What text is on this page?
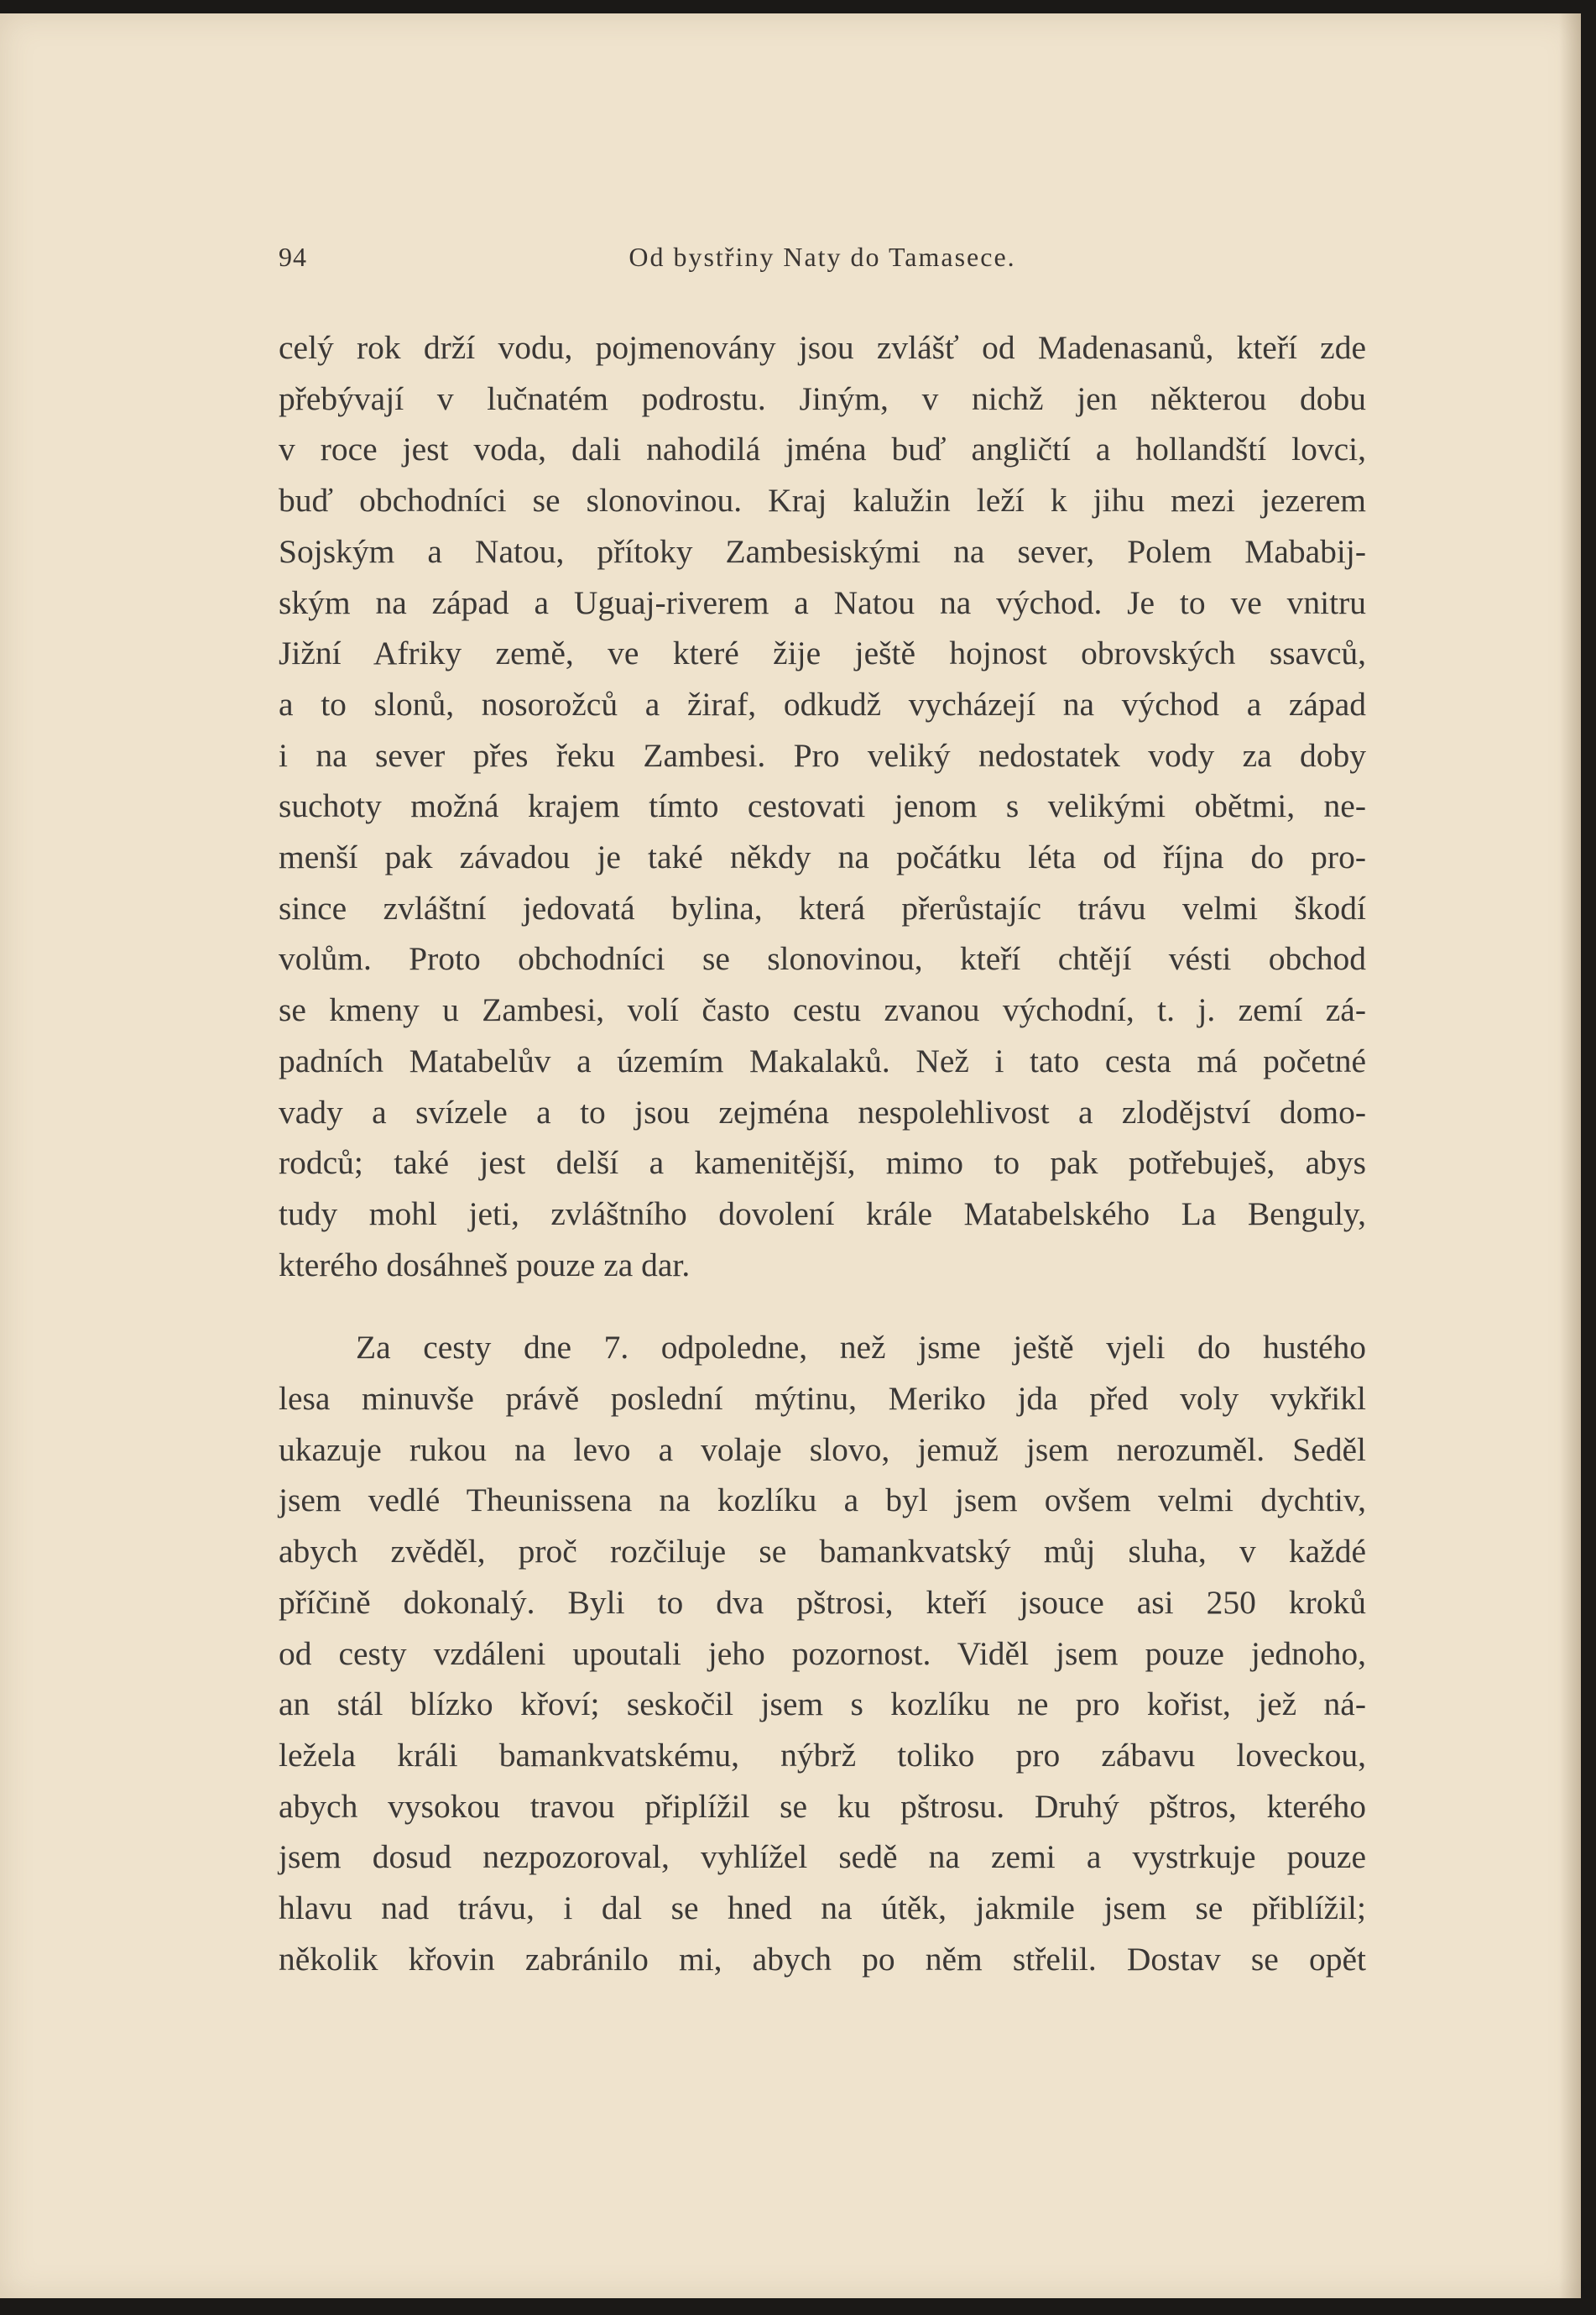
94	Od bystřiny Naty do Tamasece.
celý rok drží vodu, pojmenovány jsou zvlášť od Madenasanů, kteří zde
přebývají v lučnatém podrostu. Jiným, v nichž jen některou dobu
v roce jest voda, dali nahodilá jména buď angličtí a hollandští lovci,
buď obchodníci se slonovinou. Kraj kalužin leží k jihu mezi jezerem
Sojským a Natou, přítoky Zambesiskými na sever, Polem Mababij-
ským na západ a Uguaj-riverem a Natou na východ. Je to ve vnitru
Jižní Afriky země, ve které žije ještě hojnost obrovských ssavců,
a to slonů, nosorožců a žiraf, odkudž vycházejí na východ a západ
i na sever přes řeku Zambesi. Pro veliký nedostatek vody za doby
suchoty možná krajem tímto cestovati jenom s velikými obětmi, ne-
menší pak závadou je také někdy na počátku léta od října do pro-
since zvláštní jedovatá bylina, která přerůstajíc trávu velmi škodí
volům. Proto obchodníci se slonovinou, kteří chtějí vésti obchod
se kmeny u Zambesi, volí často cestu zvanou východní, t. j. zemí zá-
padních Matabelův a územím Makalaků. Než i tato cesta má početné
vady a svízele a to jsou zejména nespolehlivost a zlodějství domo-
rodců; také jest delší a kamenitější, mimo to pak potřebuješ, abys
tudy mohl jeti, zvláštního dovolení krále Matabelského La Benguly,
kterého dosáhneš pouze za dar.
Za cesty dne 7. odpoledne, než jsme ještě vjeli do hustého
lesa minuvše právě poslední mýtinu, Meriko jda před voly vykřikl
ukazuje rukou na levo a volaje slovo, jemuž jsem nerozuměl. Seděl
jsem vedlé Theunissena na kozlíku a byl jsem ovšem velmi dychtiv,
abych zvěděl, proč rozčiluje se bamankvatský můj sluha, v každé
příčině dokonalý. Byli to dva pštrosi, kteří jsouce asi 250 kroků
od cesty vzdáleni upoutali jeho pozornost. Viděl jsem pouze jednoho,
an stál blízko křoví; seskočil jsem s kozlíku ne pro kořist, jež ná-
ležela králi bamankvatskému, nýbrž toliko pro zábavu loveckou,
abych vysokou travou připlížil se ku pštrosu. Druhý pštros, kterého
jsem dosud nezpozoroval, vyhlížel sedě na zemi a vystrkuje pouze
hlavu nad trávu, i dal se hned na útěk, jakmile jsem se přiblížil;
několik křovin zabránilo mi, abych po něm střelil. Dostav se opět
